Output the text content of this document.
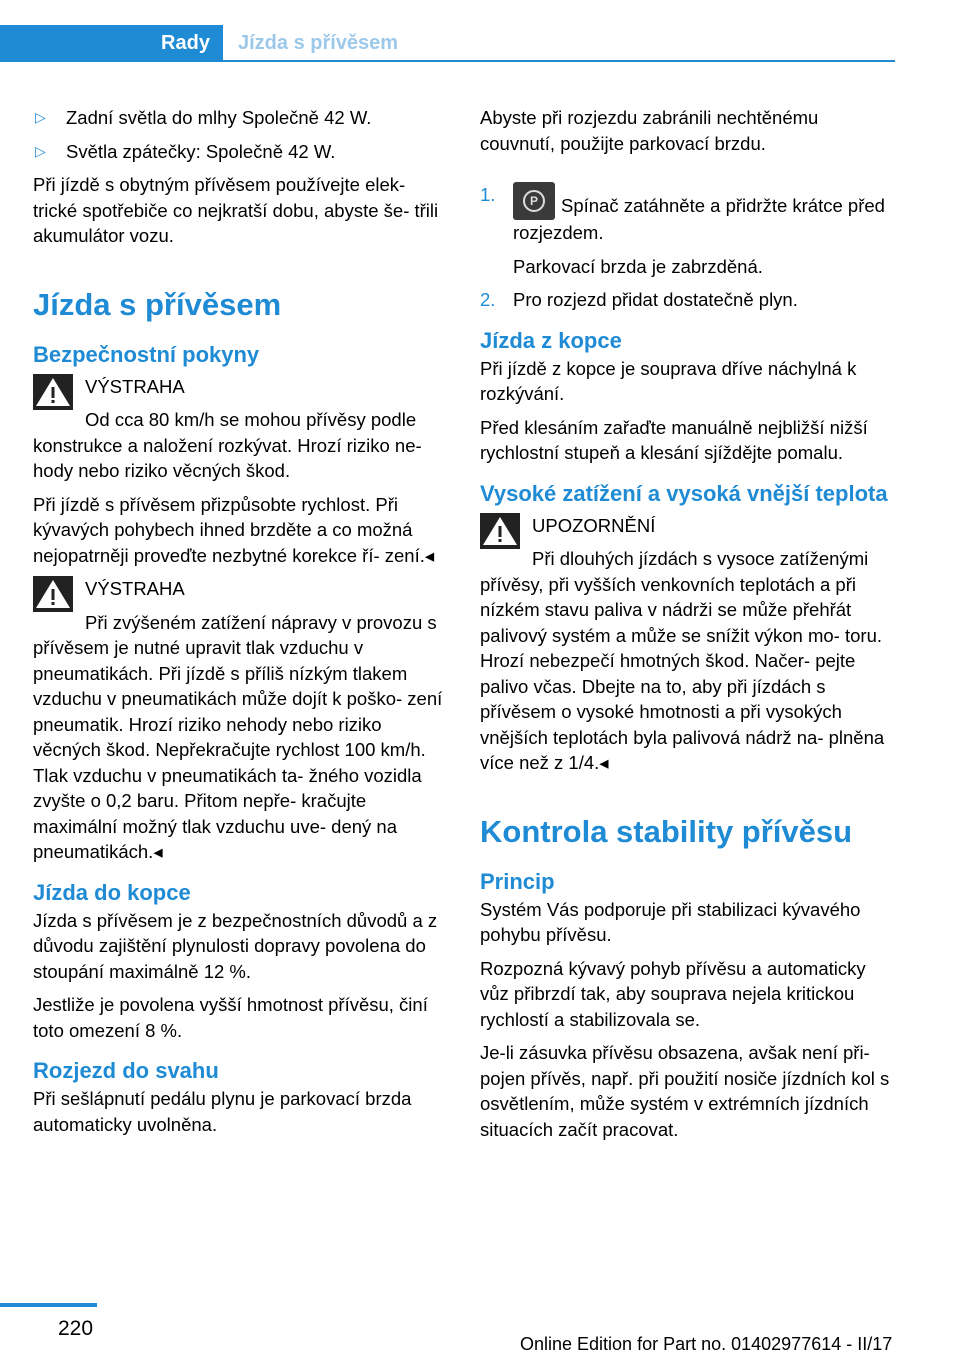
Rady	Jízda s přívěsem
▷	Zadní světla do mlhy Společně 42 W.
▷	Světla zpátečky: Společně 42 W.

Při jízdě s obytným přívěsem používejte elek‐ trické spotřebiče co nejkratší dobu, abyste še‐ třili akumulátor vozu.

Jízda s přívěsem
Bezpečnostní pokyny
VÝSTRAHA

Od cca 80 km/h se mohou přívěsy podle konstrukce a naložení rozkývat. Hrozí riziko ne‐ hody nebo riziko věcných škod.

Při jízdě s přívěsem přizpůsobte rychlost. Při kývavých pohybech ihned brzděte a co možná nejopatrněji proveďte nezbytné korekce ří‐ zení.◂

VÝSTRAHA

Při zvýšeném zatížení nápravy v provozu s přívěsem je nutné upravit tlak vzduchu v pneumatikách. Při jízdě s příliš nízkým tlakem vzduchu v pneumatikách může dojít k poško‐ zení pneumatik. Hrozí riziko nehody nebo riziko věcných škod. Nepřekračujte rychlost 100 km/h. Tlak vzduchu v pneumatikách ta‐ žného vozidla zvyšte o 0,2 baru. Přitom nepře‐ kračujte maximální možný tlak vzduchu uve‐ dený na pneumatikách.◂

Jízda do kopce

Jízda s přívěsem je z bezpečnostních důvodů a z důvodu zajištění plynulosti dopravy povolena do stoupání maximálně 12 %.

Jestliže je povolena vyšší hmotnost přívěsu, činí toto omezení 8 %.

Rozjezd do svahu

Při sešlápnutí pedálu plynu je parkovací brzda automaticky uvolněna.

Abyste při rozjezdu zabránili nechtěnému couvnutí, použijte parkovací brzdu.

1.	P	Spínač zatáhněte a přidržte krátce před rozjezdem.

Parkovací brzda je zabrzděná.

2. Pro rozjezd přidat dostatečně plyn.
Jízda z kopce

Při jízdě z kopce je souprava dříve náchylná k rozkývání.

Před klesáním zařaďte manuálně nejbližší nižší rychlostní stupeň a klesání sjíždějte pomalu.

Vysoké zatížení a vysoká vnější teplota
UPOZORNĚNÍ

Při dlouhých jízdách s vysoce zatíženými přívěsy, při vyšších venkovních teplotách a při nízkém stavu paliva v nádrži se může přehřát palivový systém a může se snížit výkon mo‐ toru. Hrozí nebezpečí hmotných škod. Načer‐ pejte palivo včas. Dbejte na to, aby při jízdách s přívěsem o vysoké hmotnosti a při vysokých vnějších teplotách byla palivová nádrž na‐ plněna více než z 1/4.◂

Kontrola stability přívěsu
Princip

Systém Vás podporuje při stabilizaci kývavého pohybu přívěsu.

Rozpozná kývavý pohyb přívěsu a automaticky vůz přibrzdí tak, aby souprava nejela kritickou rychlostí a stabilizovala se.

Je-li zásuvka přívěsu obsazena, avšak není při‐ pojen přívěs, např. při použití nosiče jízdních kol s osvětlením, může systém v extrémních jízdních situacích začít pracovat.

220
Online Edition for Part no. 01402977614 - II/17
